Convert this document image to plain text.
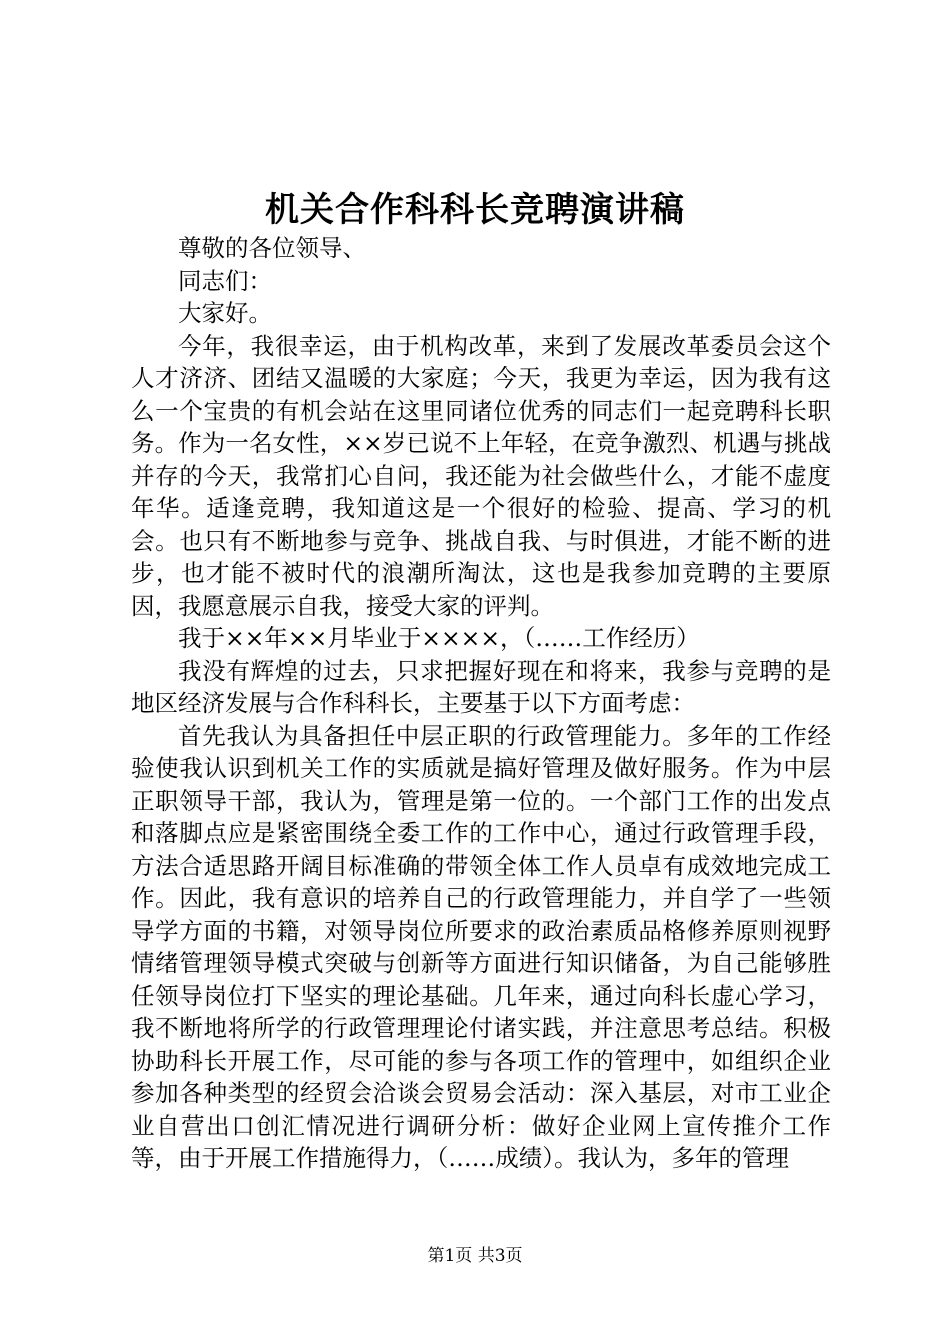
机关合作科科长竞聘演讲稿

尊敬的各位领导、

同志们：

大家好。

今年，我很幸运，由于机构改革，来到了发展改革委员会这个人才济济、团结又温暖的大家庭；今天，我更为幸运，因为我有这么一个宝贵的有机会站在这里同诸位优秀的同志们一起竞聘科长职务。作为一名女性，××岁已说不上年轻，在竞争激烈、机遇与挑战并存的今天，我常扪心自问，我还能为社会做些什么，才能不虚度年华。适逢竞聘，我知道这是一个很好的检验、提高、学习的机会。也只有不断地参与竞争、挑战自我、与时俱进，才能不断的进步，也才能不被时代的浪潮所淘汰，这也是我参加竞聘的主要原因，我愿意展示自我，接受大家的评判。

我于××年××月毕业于××××，（……工作经历）

我没有辉煌的过去，只求把握好现在和将来，我参与竞聘的是地区经济发展与合作科科长，主要基于以下方面考虑：

首先我认为具备担任中层正职的行政管理能力。多年的工作经验使我认识到机关工作的实质就是搞好管理及做好服务。作为中层正职领导干部，我认为，管理是第一位的。一个部门工作的出发点和落脚点应是紧密围绕全委工作的工作中心，通过行政管理手段，方法合适思路开阔目标准确的带领全体工作人员卓有成效地完成工作。因此，我有意识的培养自己的行政管理能力，并自学了一些领导学方面的书籍，对领导岗位所要求的政治素质品格修养原则视野情绪管理领导模式突破与创新等方面进行知识储备，为自己能够胜任领导岗位打下坚实的理论基础。几年来，通过向科长虚心学习，我不断地将所学的行政管理理论付诸实践，并注意思考总结。积极协助科长开展工作，尽可能的参与各项工作的管理中，如组织企业参加各种类型的经贸会洽谈会贸易会活动：深入基层，对市工业企业自营出口创汇情况进行调研分析：做好企业网上宣传推介工作等，由于开展工作措施得力，（……成绩）。我认为，多年的管理

第1页 共3页
